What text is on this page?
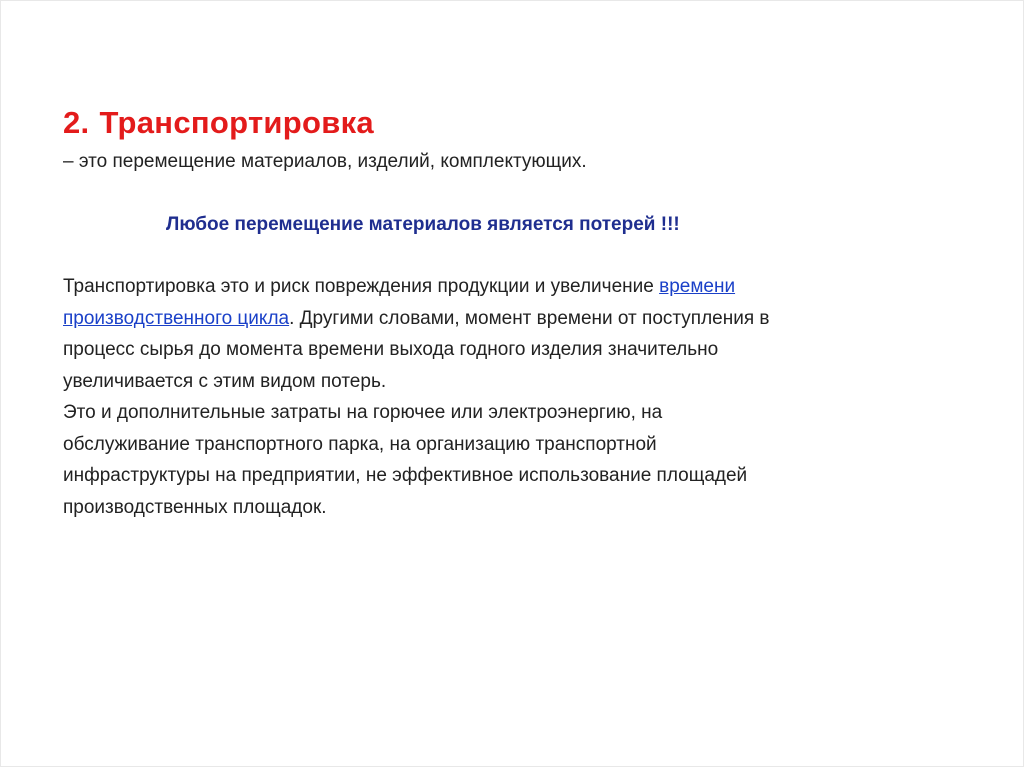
2. Транспортировка

– это перемещение материалов, изделий, комплектующих.

Любое перемещение материалов является потерей !!!

Транспортировка это и риск повреждения продукции и увеличение времени
производственного цикла. Другими словами, момент времени от поступления в
процесс сырья до момента времени выхода годного изделия значительно
увеличивается с этим видом потерь.
Это и дополнительные затраты на горючее или электроэнергию, на
обслуживание транспортного парка, на организацию транспортной
инфраструктуры на предприятии, не эффективное использование площадей
производственных площадок.
